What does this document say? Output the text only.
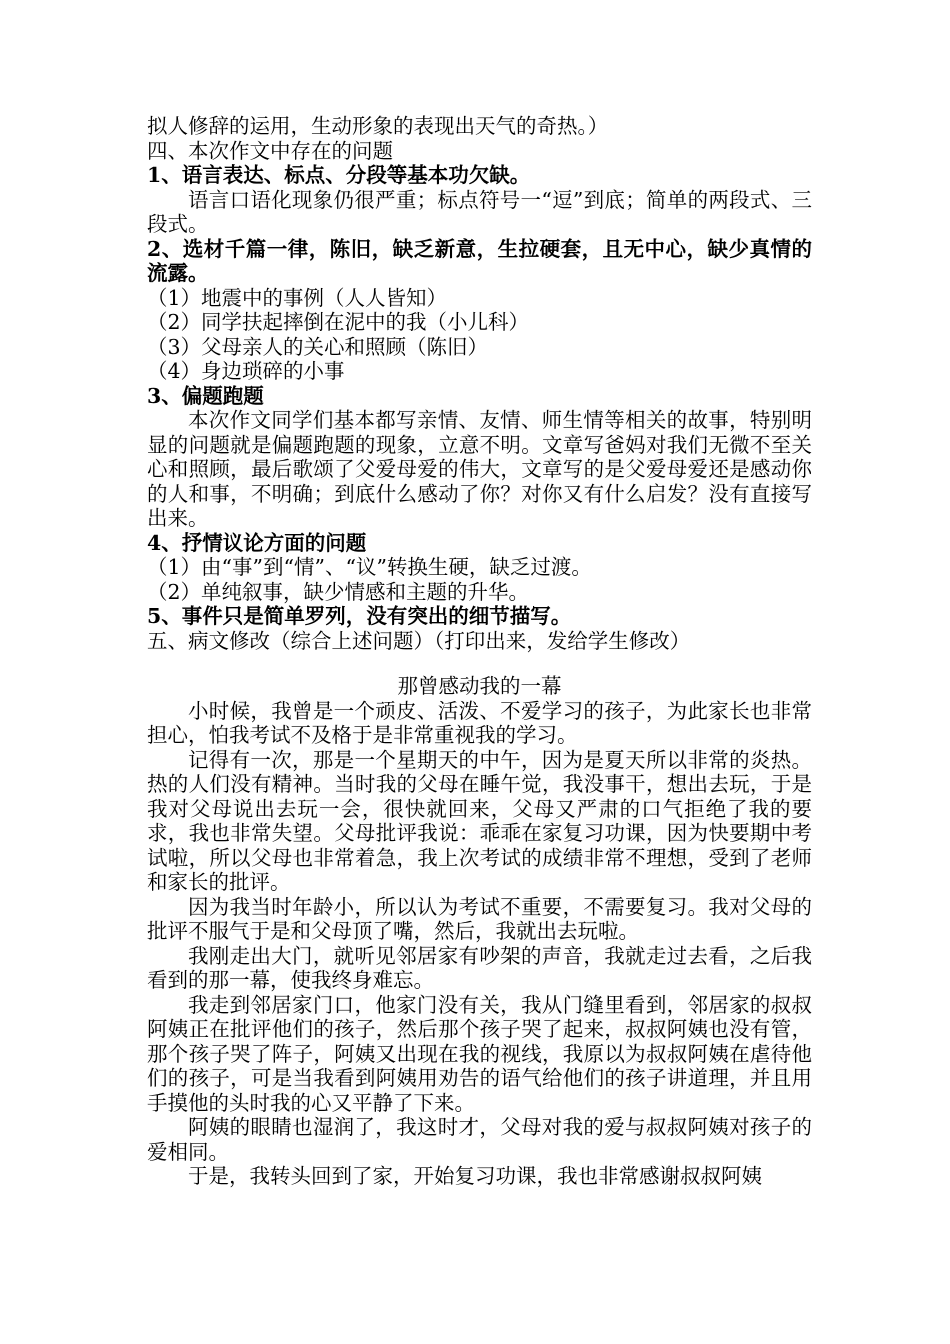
拟人修辞的运用，生动形象的表现出天气的奇热。）
四、本次作文中存在的问题
1、语言表达、标点、分段等基本功欠缺。

语言口语化现象仍很严重；标点符号一“逗”到底；简单的两段式、三段式。

2、选材千篇一律，陈旧，缺乏新意，生拉硬套，且无中心，缺少真情的流露。

（1）地震中的事例（人人皆知）
（2）同学扶起摔倒在泥中的我（小儿科）
（3）父母亲人的关心和照顾（陈旧）
（4）身边琐碎的小事
3、偏题跑题

本次作文同学们基本都写亲情、友情、师生情等相关的故事，特别明显的问题就是偏题跑题的现象，立意不明。文章写爸妈对我们无微不至关心和照顾，最后歌颂了父爱母爱的伟大，文章写的是父爱母爱还是感动你的人和事，不明确；到底什么感动了你？对你又有什么启发？没有直接写出来。

4、抒情议论方面的问题
（1）由“事”到“情”、“议”转换生硬，缺乏过渡。
（2）单纯叙事，缺少情感和主题的升华。
5、事件只是简单罗列，没有突出的细节描写。
五、病文修改（综合上述问题）（打印出来，发给学生修改）
那曾感动我的一幕

小时候，我曾是一个顽皮、活泼、不爱学习的孩子，为此家长也非常担心，怕我考试不及格于是非常重视我的学习。

记得有一次，那是一个星期天的中午，因为是夏天所以非常的炎热。热的人们没有精神。当时我的父母在睡午觉，我没事干，想出去玩，于是我对父母说出去玩一会，很快就回来，父母又严肃的口气拒绝了我的要求，我也非常失望。父母批评我说：乖乖在家复习功课，因为快要期中考试啦，所以父母也非常着急，我上次考试的成绩非常不理想，受到了老师和家长的批评。

因为我当时年龄小，所以认为考试不重要，不需要复习。我对父母的批评不服气于是和父母顶了嘴，然后，我就出去玩啦。

我刚走出大门，就听见邻居家有吵架的声音，我就走过去看，之后我看到的那一幕，使我终身难忘。

我走到邻居家门口，他家门没有关，我从门缝里看到，邻居家的叔叔阿姨正在批评他们的孩子，然后那个孩子哭了起来，叔叔阿姨也没有管，那个孩子哭了阵子，阿姨又出现在我的视线，我原以为叔叔阿姨在虐待他们的孩子，可是当我看到阿姨用劝告的语气给他们的孩子讲道理，并且用手摸他的头时我的心又平静了下来。

阿姨的眼睛也湿润了，我这时才，父母对我的爱与叔叔阿姨对孩子的爱相同。

于是，我转头回到了家，开始复习功课，我也非常感谢叔叔阿姨
